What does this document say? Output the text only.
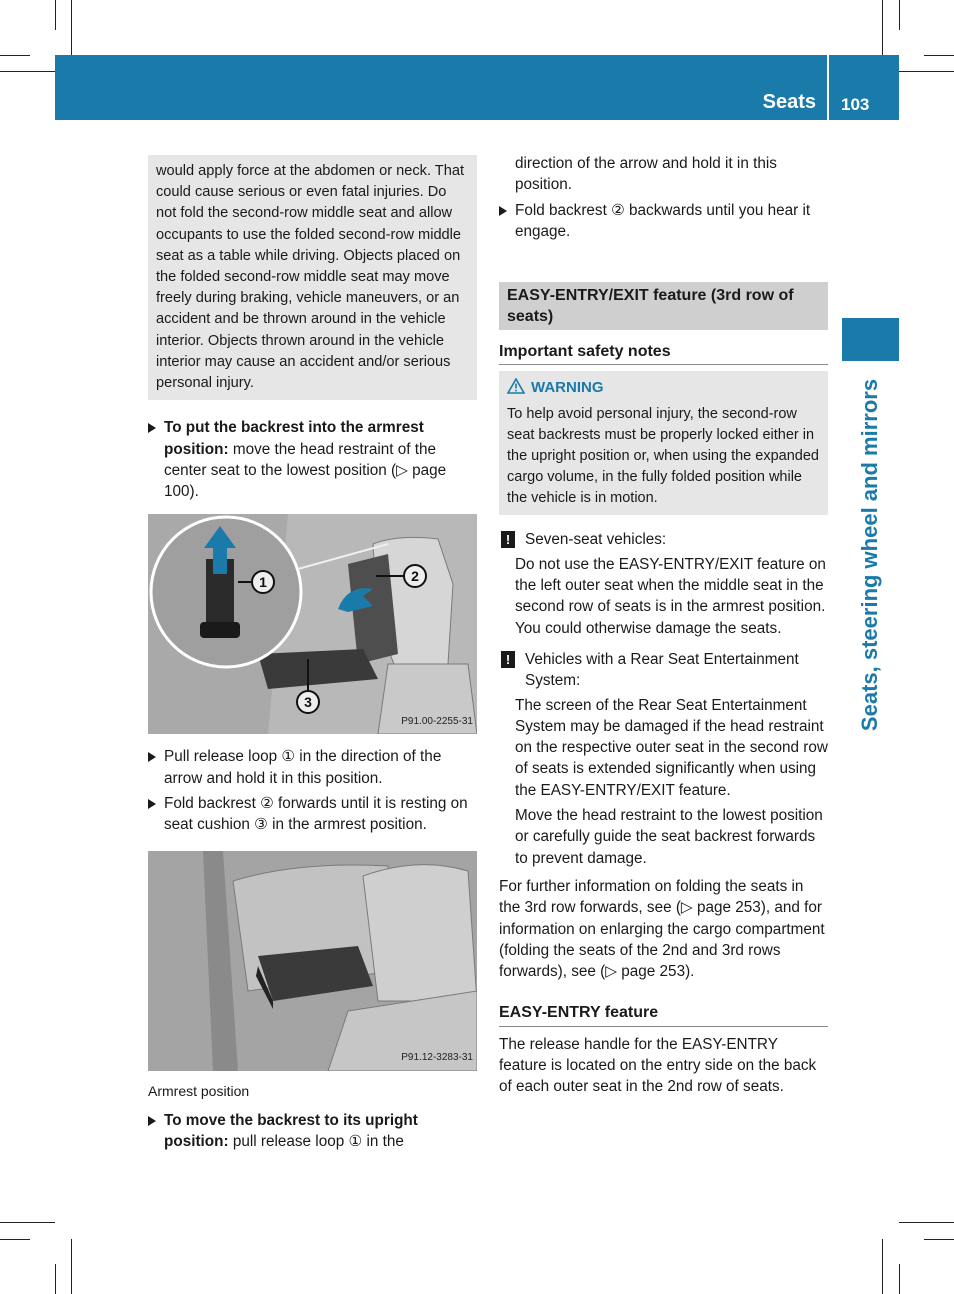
Seats 103
Seats, steering wheel and mirrors

would apply force at the abdomen or neck. That could cause serious or even fatal injuries. Do not fold the second-row middle seat and allow occupants to use the folded second-row middle seat as a table while driving. Objects placed on the folded second-row middle seat may move freely during braking, vehicle maneuvers, or an accident and be thrown around in the vehicle interior. Objects thrown around in the vehicle interior may cause an accident and/or serious personal injury.

To put the backrest into the armrest position: move the head restraint of the center seat to the lowest position (▷ page 100).

1	2
3
P91.00-2255-31

Pull release loop ① in the direction of the arrow and hold it in this position.

Fold backrest ② forwards until it is resting on seat cushion ③ in the armrest position.

P91.12-3283-31

Armrest position

To move the backrest to its upright position: pull release loop ① in the

direction of the arrow and hold it in this position.

Fold backrest ② backwards until you hear it engage.

EASY-ENTRY/EXIT feature (3rd row of seats)
Important safety notes
WARNING

To help avoid personal injury, the second-row seat backrests must be properly locked either in the upright position or, when using the expanded cargo volume, in the fully folded position while the vehicle is in motion.

! Seven-seat vehicles:

Do not use the EASY-ENTRY/EXIT feature on the left outer seat when the middle seat in the second row of seats is in the armrest position. You could otherwise damage the seats.

! Vehicles with a Rear Seat Entertainment System:

The screen of the Rear Seat Entertainment System may be damaged if the head restraint on the respective outer seat in the second row of seats is extended significantly when using the EASY-ENTRY/EXIT feature.

Move the head restraint to the lowest position or carefully guide the seat backrest forwards to prevent damage.

For further information on folding the seats in the 3rd row forwards, see (▷ page 253), and for information on enlarging the cargo compartment (folding the seats of the 2nd and 3rd rows forwards), see (▷ page 253).

EASY-ENTRY feature

The release handle for the EASY-ENTRY feature is located on the entry side on the back of each outer seat in the 2nd row of seats.
